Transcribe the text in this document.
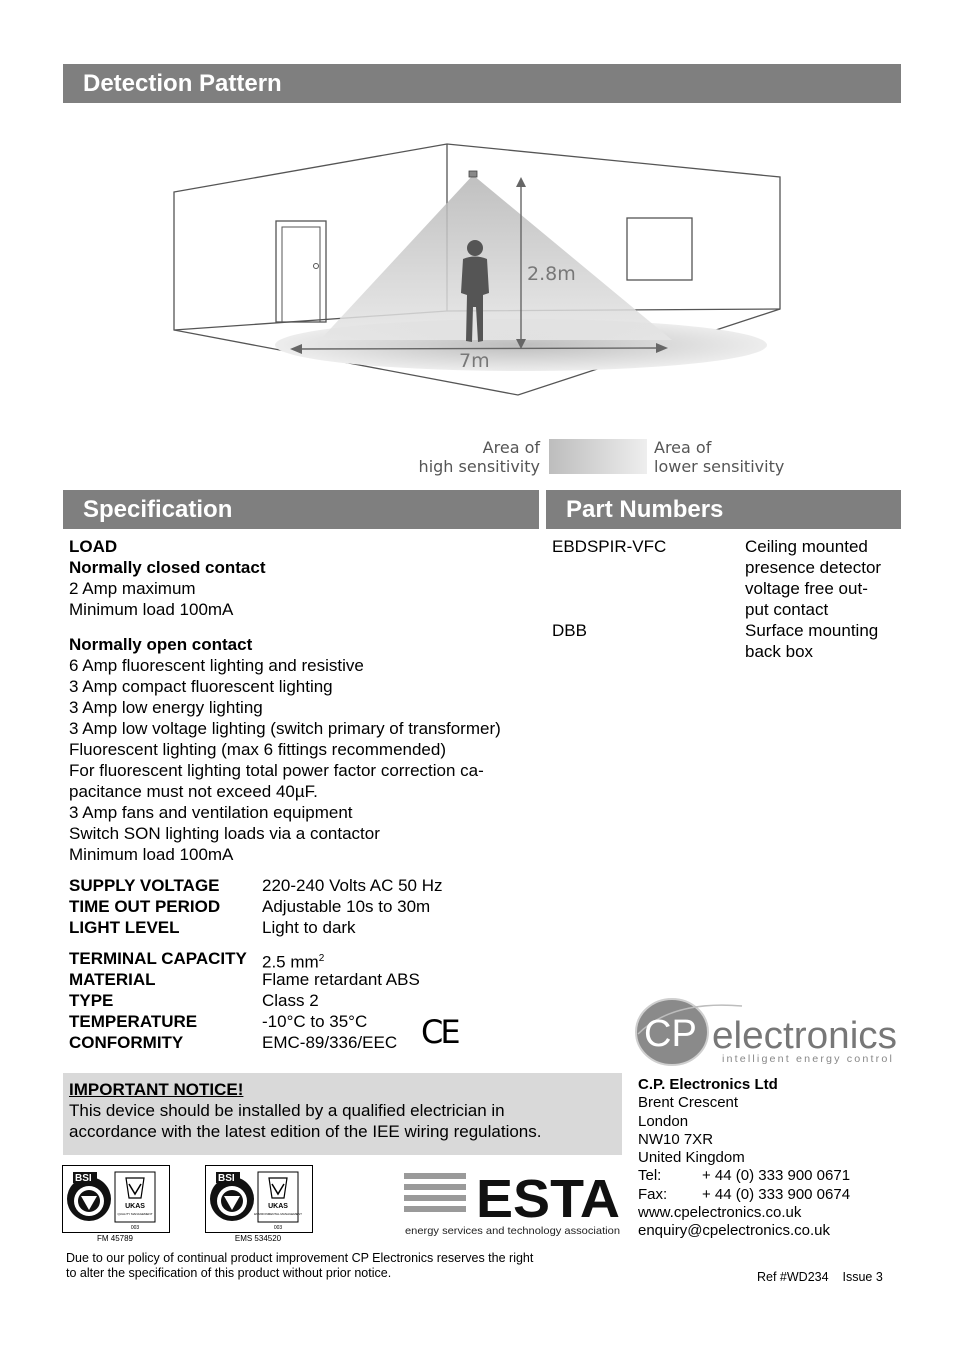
Detection Pattern
2.8m
7m
Area of
high sensitivity
Area of
lower sensitivity
Specification	Part Numbers
LOAD
Normally closed contact
2 Amp maximum
Minimum load 100mA
Normally open contact
6 Amp fluorescent lighting and resistive
3 Amp compact fluorescent lighting
3 Amp low energy lighting
3 Amp low voltage lighting (switch primary of transformer)
Fluorescent lighting (max 6 fittings recommended)
For fluorescent lighting total power factor correction ca-
pacitance must not exceed 40µF.
3 Amp fans and ventilation equipment
Switch SON lighting loads via a contactor
Minimum load 100mA
SUPPLY VOLTAGE	220-240 Volts AC 50 Hz
TIME OUT PERIOD	Adjustable 10s to 30m
LIGHT LEVEL	Light to dark
TERMINAL CAPACITY 2.5 $mm^2$
MATERIAL	Flame retardant ABS
TYPE	Class 2
TEMPERATURE	-10°C to 35°C
CONFORMITY	EMC-89/336/EEC CE
EBDSPIR-VFC	Ceiling mounted
presence detector
voltage free out-
put contact
DBB	Surface mounting
back box
IMPORTANT NOTICE!
This device should be installed by a qualified electrician in
accordance with the latest edition of the IEE wiring regulations.
BSI
UKAS
QUALITY MANAGEMENT
003
FM 45789
BSI
UKAS
ENVIRONMENTAL MANAGEMENT
003
EMS 534520
ESTA
energy services and technology association
CP electronics
intelligent energy control
C.P. Electronics Ltd
Brent Crescent
London
NW10 7XR
United Kingdom
Tel:	+ 44 (0) 333 900 0671
Fax: + 44 (0) 333 900 0674
www.cpelectronics.co.uk
enquiry@cpelectronics.co.uk
Due to our policy of continual product improvement CP Electronics reserves the right
to alter the specification of this product without prior notice.	Ref #WD234 Issue 3
